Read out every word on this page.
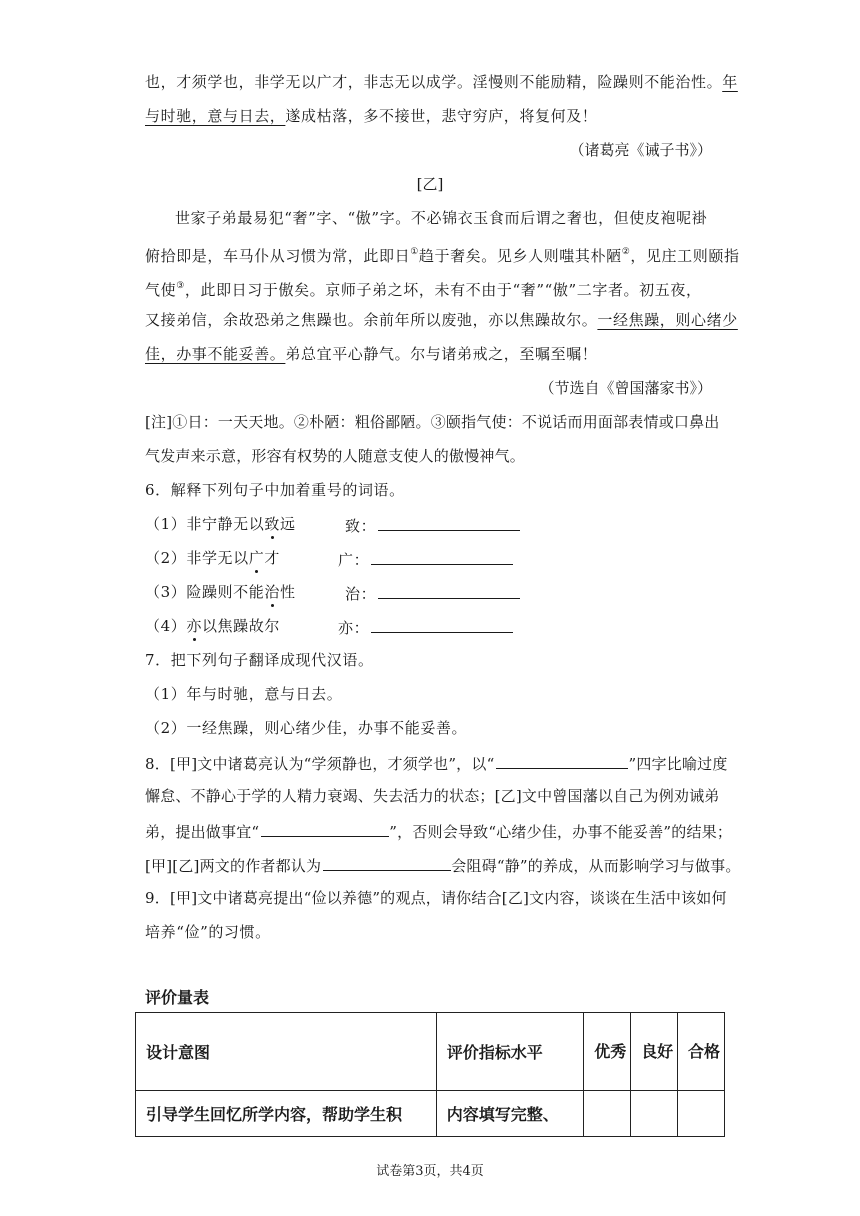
也，才须学也，非学无以广才，非志无以成学。淫慢则不能励精，险躁则不能治性。年
与时驰，意与日去，遂成枯落，多不接世，悲守穷庐，将复何及！
（诸葛亮《诫子书》）
[乙]
世家子弟最易犯“奢”字、“傲”字。不必锦衣玉食而后谓之奢也，但使皮袍呢褂
俯拾即是，车马仆从习惯为常，此即日①趋于奢矣。见乡人则嗤其朴陋②，见庄工则颐指
气使③，此即日习于傲矣。京师子弟之坏，未有不由于“奢”“傲”二字者。初五夜，
又接弟信，余故恐弟之焦躁也。余前年所以废弛，亦以焦躁故尔。一经焦躁，则心绪少
佳，办事不能妥善。弟总宜平心静气。尔与诸弟戒之，至嘱至嘱！
（节选自《曾国藩家书》）
[注]①日：一天天地。②朴陋：粗俗鄙陋。③颐指气使：不说话而用面部表情或口鼻出
气发声来示意，形容有权势的人随意支使人的傲慢神气。
6．解释下列句子中加着重号的词语。
（1）非宁静无以致远	致：
（2）非学无以广才	广：
（3）险躁则不能治性	治：
（4）亦以焦躁故尔	亦：
7．把下列句子翻译成现代汉语。
（1）年与时驰，意与日去。
（2）一经焦躁，则心绪少佳，办事不能妥善。
8．[甲]文中诸葛亮认为“学须静也，才须学也”，以“	”四字比喻过度
懈怠、不静心于学的人精力衰竭、失去活力的状态；[乙]文中曾国藩以自己为例劝诫弟
弟，提出做事宜“	”，否则会导致“心绪少佳，办事不能妥善”的结果；
[甲][乙]两文的作者都认为	会阻碍“静”的养成，从而影响学习与做事。
9．[甲]文中诸葛亮提出“俭以养德”的观点，请你结合[乙]文内容，谈谈在生活中该如何
培养“俭”的习惯。
评价量表
设计意图	评价指标水平	优秀	良好	合格
引导学生回忆所学内容，帮助学生积	内容填写完整、			
试卷第3页，共4页
